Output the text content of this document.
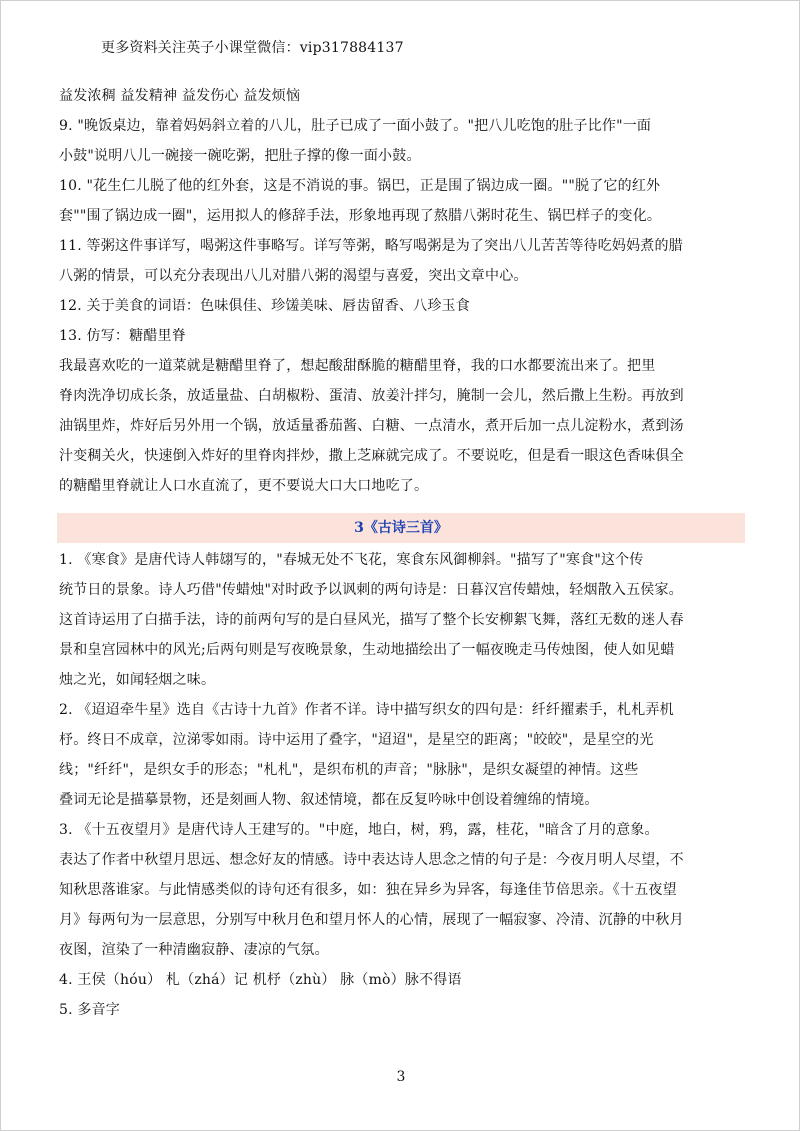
更多资料关注英子小课堂微信：vip317884137
益发浓稠 益发精神 益发伤心 益发烦恼
9. "晚饭桌边，靠着妈妈斜立着的八儿，肚子已成了一面小鼓了。"把八儿吃饱的肚子比作"一面
小鼓"说明八儿一碗接一碗吃粥，把肚子撑的像一面小鼓。
10. "花生仁儿脱了他的红外套，这是不消说的事。锅巴，正是围了锅边成一圈。""脱了它的红外
套""围了锅边成一圈"，运用拟人的修辞手法，形象地再现了熬腊八粥时花生、锅巴样子的变化。
11. 等粥这件事详写，喝粥这件事略写。详写等粥，略写喝粥是为了突出八儿苦苦等待吃妈妈煮的腊
八粥的情景，可以充分表现出八儿对腊八粥的渴望与喜爱，突出文章中心。
12. 关于美食的词语：色味俱佳、珍馐美味、唇齿留香、八珍玉食
13. 仿写：糖醋里脊
我最喜欢吃的一道菜就是糖醋里脊了，想起酸甜酥脆的糖醋里脊，我的口水都要流出来了。把里
脊肉洗净切成长条，放适量盐、白胡椒粉、蛋清、放姜汁拌匀，腌制一会儿，然后撒上生粉。再放到
油锅里炸，炸好后另外用一个锅，放适量番茄酱、白糖、一点清水，煮开后加一点儿淀粉水，煮到汤
汁变稠关火，快速倒入炸好的里脊肉拌炒，撒上芝麻就完成了。不要说吃，但是看一眼这色香味俱全
的糖醋里脊就让人口水直流了，更不要说大口大口地吃了。
3《古诗三首》
1. 《寒食》是唐代诗人韩翃写的，"春城无处不飞花，寒食东风御柳斜。"描写了"寒食"这个传
统节日的景象。诗人巧借"传蜡烛"对时政予以讽刺的两句诗是：日暮汉宫传蜡烛，轻烟散入五侯家。
这首诗运用了白描手法，诗的前两句写的是白昼风光，描写了整个长安柳絮飞舞，落红无数的迷人春
景和皇宫园林中的风光;后两句则是写夜晚景象，生动地描绘出了一幅夜晚走马传烛图，使人如见蜡
烛之光，如闻轻烟之味。
2. 《迢迢牵牛星》选自《古诗十九首》作者不详。诗中描写织女的四句是：纤纤擢素手，札札弄机
杼。终日不成章，泣涕零如雨。诗中运用了叠字，"迢迢"，是星空的距离；"皎皎"，是星空的光
线；"纤纤"，是织女手的形态；"札札"，是织布机的声音；"脉脉"，是织女凝望的神情。这些
叠词无论是描摹景物，还是刻画人物、叙述情境，都在反复吟咏中创设着缠绵的情境。
3. 《十五夜望月》是唐代诗人王建写的。"中庭，地白，树，鸦，露，桂花，"暗含了月的意象。
表达了作者中秋望月思远、想念好友的情感。诗中表达诗人思念之情的句子是：今夜月明人尽望，不
知秋思落谁家。与此情感类似的诗句还有很多，如：独在异乡为异客，每逢佳节倍思亲。《十五夜望
月》每两句为一层意思，分别写中秋月色和望月怀人的心情，展现了一幅寂寥、冷清、沉静的中秋月
夜图，渲染了一种清幽寂静、凄凉的气氛。
4. 王侯（hóu） 札（zhá）记 机杼（zhù） 脉（mò）脉不得语
5. 多音字
3
